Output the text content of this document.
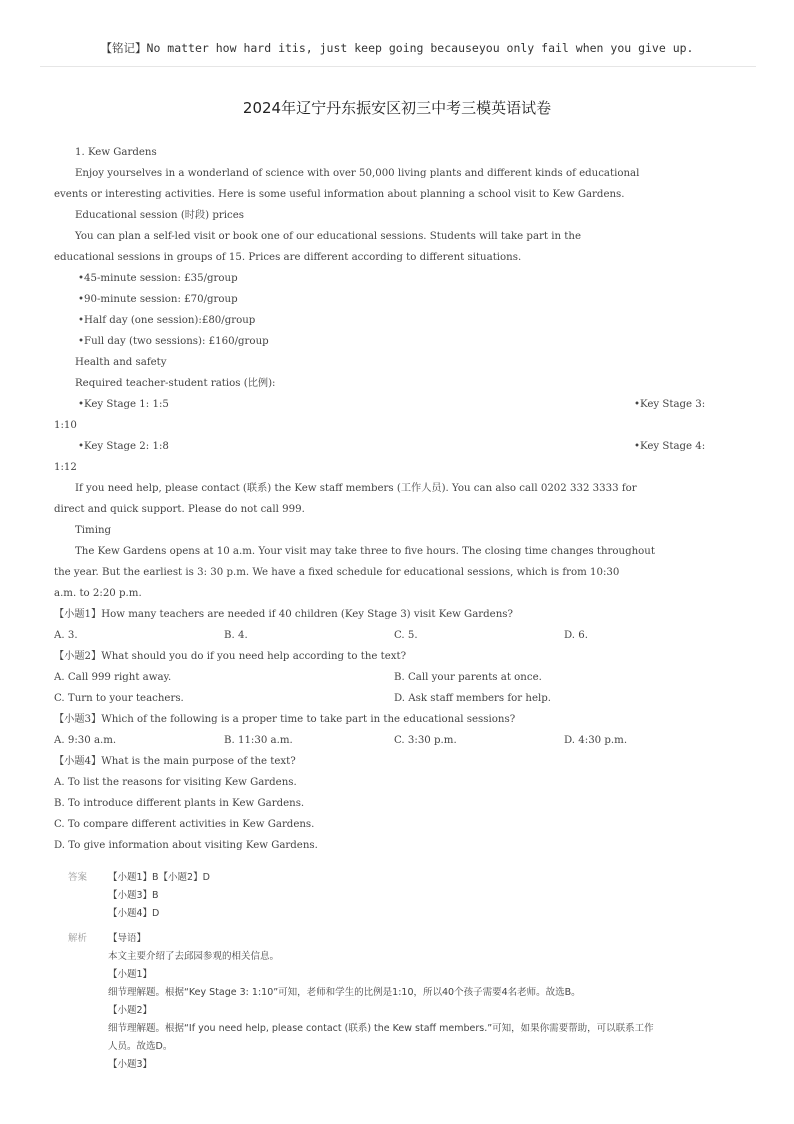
【铭记】No matter how hard itis, just keep going becauseyou only fail when you give up.
2024年辽宁丹东振安区初三中考三模英语试卷
1. Kew Gardens
Enjoy yourselves in a wonderland of science with over 50,000 living plants and different kinds of educational
events or interesting activities. Here is some useful information about planning a school visit to Kew Gardens.
Educational session (时段) prices
You can plan a self-led visit or book one of our educational sessions. Students will take part in the
educational sessions in groups of 15. Prices are different according to different situations.
•45-minute session: £35/group
•90-minute session: £70/group
•Half day (one session):£80/group
•Full day (two sessions): £160/group
Health and safety
Required teacher-student ratios (比例):
•Key Stage 1: 1:5	•Key Stage 3:
1:10
•Key Stage 2: 1:8	•Key Stage 4:
1:12
If you need help, please contact (联系) the Kew staff members (工作人员). You can also call 0202 332 3333 for
direct and quick support. Please do not call 999.
Timing
The Kew Gardens opens at 10 a.m. Your visit may take three to five hours. The closing time changes throughout
the year. But the earliest is 3: 30 p.m. We have a fixed schedule for educational sessions, which is from 10:30
a.m. to 2:20 p.m.
【小题1】How many teachers are needed if 40 children (Key Stage 3) visit Kew Gardens?
A. 3.	B. 4.	C. 5.	D. 6.
【小题2】What should you do if you need help according to the text?
A. Call 999 right away.	B. Call your parents at once.
C. Turn to your teachers.	D. Ask staff members for help.
【小题3】Which of the following is a proper time to take part in the educational sessions?
A. 9:30 a.m.	B. 11:30 a.m.	C. 3:30 p.m.	D. 4:30 p.m.
【小题4】What is the main purpose of the text?
A. To list the reasons for visiting Kew Gardens.
B. To introduce different plants in Kew Gardens.
C. To compare different activities in Kew Gardens.
D. To give information about visiting Kew Gardens.
答案	【小题1】B【小题2】D
【小题3】B
【小题4】D
解析	【导语】
本文主要介绍了去邱园参观的相关信息。
【小题1】
细节理解题。根据“Key Stage 3: 1:10”可知，老师和学生的比例是1:10，所以40个孩子需要4名老师。故选B。
【小题2】
细节理解题。根据“If you need help, please contact (联系) the Kew staff members.”可知，如果你需要帮助，可以联系工作
人员。故选D。
【小题3】
